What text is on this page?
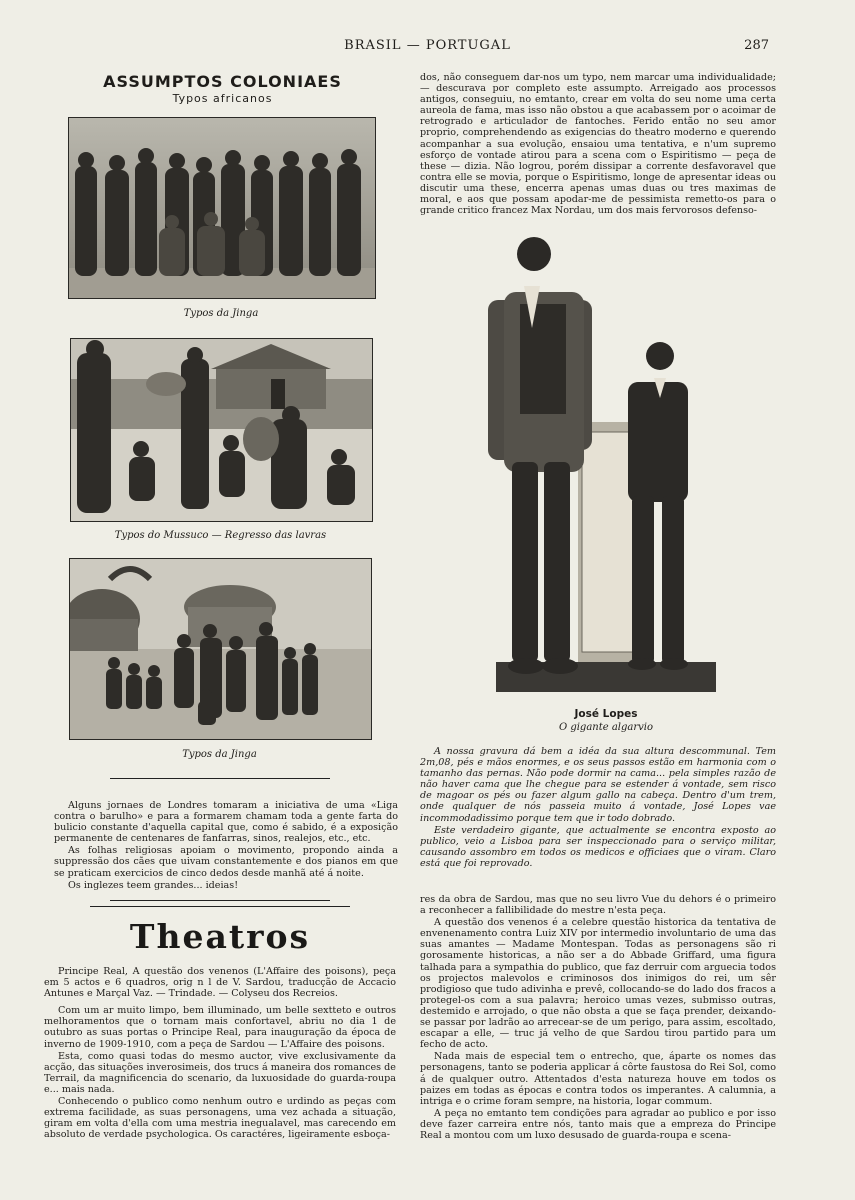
BRASIL — PORTUGAL	287
ASSUMPTOS COLONIAES
Typos africanos
Typos da Jinga
Typos do Mussuco — Regresso das lavras
Typos da Jinga

Alguns jornaes de Londres tomaram a iniciativa de uma «Liga contra o barulho» e para a formarem chamam toda a gente farta do bulicio constante d'aquella capital que, como é sabido, é a exposição permanente de centenares de fanfarras, sinos, realejos, etc., etc.

As folhas religiosas apoiam o movimento, propondo ainda a suppressão dos cães que uivam constantemente e dos pianos em que se praticam exercicios de cinco dedos desde manhã até á noite.

Os inglezes teem grandes... ideias!

Theatros

Principe Real, A questão dos venenos (L'Affaire des poisons), peça em 5 actos e 6 quadros, orig n l de V. Sardou, traducção de Accacio Antunes e Marçal Vaz. — Trindade. — Colyseu dos Recreios.

Com um ar muito limpo, bem illuminado, um belle sextteto e outros melhoramentos que o tornam mais confortavel, abriu no dia 1 de outubro as suas portas o Principe Real, para inauguração da época de inverno de 1909-1910, com a peça de Sardou — L'Affaire des poisons.

Esta, como quasi todas do mesmo auctor, vive exclusivamente da acção, das situações inverosimeis, dos trucs á maneira dos romances de Terrail, da magnificencia do scenario, da luxuosidade do guarda-roupa e... mais nada.

Conhecendo o publico como nenhum outro e urdindo as peças com extrema facilidade, as suas personagens, uma vez achada a situação, giram em volta d'ella com uma mestria inegualavel, mas carecendo em absoluto de verdade psychologica. Os caractéres, ligeiramente esboça-

dos, não conseguem dar-nos um typo, nem marcar uma individualidade; — descurava por completo este assumpto. Arreigado aos processos antigos, conseguiu, no emtanto, crear em volta do seu nome uma certa aureola de fama, mas isso não obstou a que acabassem por o acoimar de retrogrado e articulador de fantoches. Ferido então no seu amor proprio, comprehendendo as exigencias do theatro moderno e querendo acompanhar a sua evolução, ensaiou uma tentativa, e n'um supremo esforço de vontade atirou para a scena com o Espiritismo — peça de these — dizia. Não logrou, porém dissipar a corrente desfavoravel que contra elle se movia, porque o Espiritismo, longe de apresentar ideas ou discutir uma these, encerra apenas umas duas ou tres maximas de moral, e aos que possam apodar-me de pessimista remetto-os para o grande critico francez Max Nordau, um dos mais fervorosos defenso-

José Lopes
O gigante algarvio

A nossa gravura dá bem a idéa da sua altura descommunal. Tem 2m,08, pés e mãos enormes, e os seus passos estão em harmonia com o tamanho das pernas. Não pode dormir na cama... pela simples razão de não haver cama que lhe chegue para se estender á vontade, sem risco de magoar os pés ou fazer algum gallo na cabeça. Dentro d'um trem, onde qualquer de nós passeia muito á vontade, José Lopes vae incommodadissimo porque tem que ir todo dobrado.

Este verdadeiro gigante, que actualmente se encontra exposto ao publico, veio a Lisboa para ser inspeccionado para o serviço militar, causando assombro em todos os medicos e officiaes que o viram. Claro está que foi reprovado.

res da obra de Sardou, mas que no seu livro Vue du dehors é o primeiro a reconhecer a fallibilidade do mestre n'esta peça.

A questão dos venenos é a celebre questão historica da tentativa de envenenamento contra Luiz XIV por intermedio involuntario de uma das suas amantes — Madame Montespan. Todas as personagens são ri gorosamente historicas, a não ser a do Abbade Griffard, uma figura talhada para a sympathia do publico, que faz derruir com arguecia todos os projectos malevolos e criminosos dos inimigos do rei, um sêr prodigioso que tudo adivinha e prevê, collocando-se do lado dos fracos a protegel-os com a sua palavra; heroico umas vezes, submisso outras, destemido e arrojado, o que não obsta a que se faça prender, deixando-se passar por ladrão ao arrecear-se de um perigo, para assim, escoltado, escapar a elle, — truc já velho de que Sardou tirou partido para um fecho de acto.

Nada mais de especial tem o entrecho, que, áparte os nomes das personagens, tanto se poderia applicar á côrte faustosa do Rei Sol, como á de qualquer outro. Attentados d'esta natureza houve em todos os paizes em todas as épocas e contra todos os imperantes. A calumnia, a intriga e o crime foram sempre, na historia, logar commum.

A peça no emtanto tem condições para agradar ao publico e por isso deve fazer carreira entre nós, tanto mais que a empreza do Principe Real a montou com um luxo desusado de guarda-roupa e scena-
